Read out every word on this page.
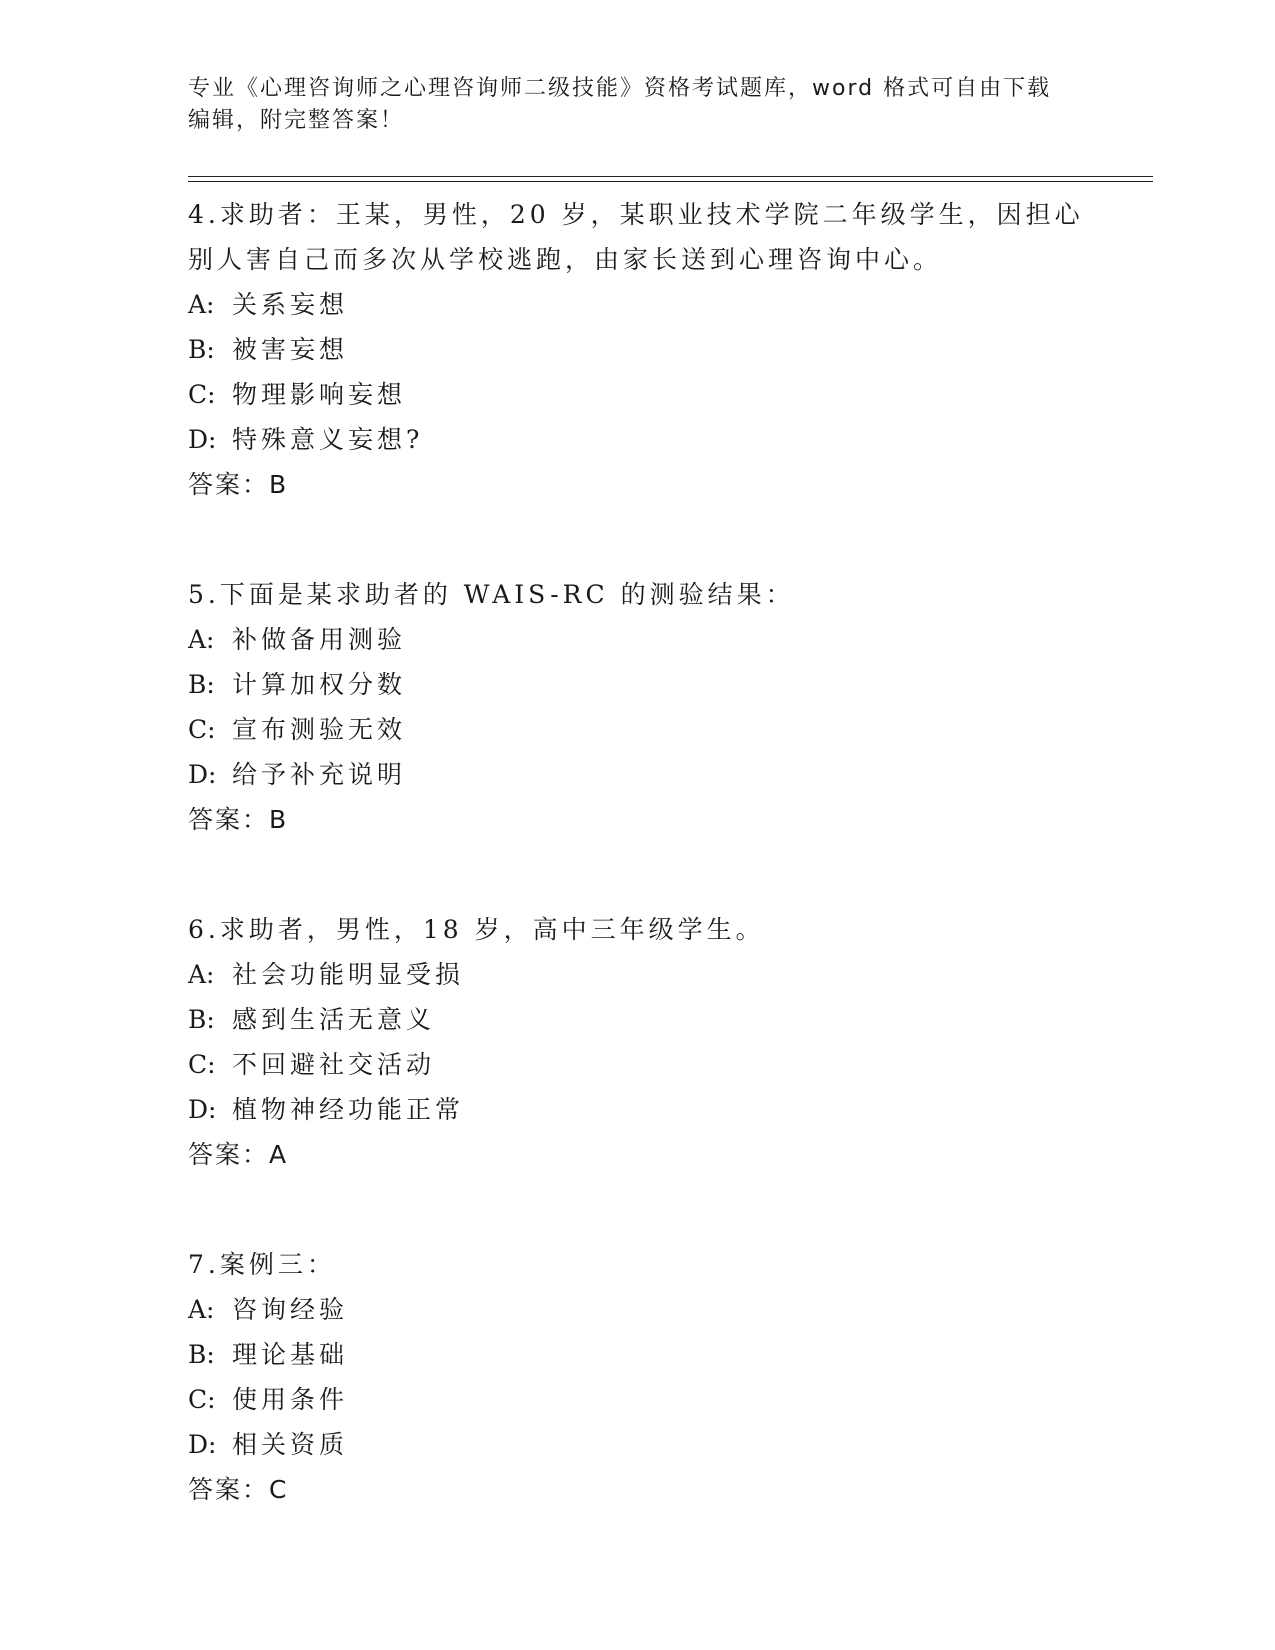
专业《心理咨询师之心理咨询师二级技能》资格考试题库，word 格式可自由下载
编辑，附完整答案！
4.求助者：王某，男性，20 岁，某职业技术学院二年级学生，因担心
别人害自己而多次从学校逃跑，由家长送到心理咨询中心。
A: 关系妄想
B: 被害妄想
C: 物理影响妄想
D: 特殊意义妄想?
答案：B
5.下面是某求助者的 WAIS-RC 的测验结果：
A: 补做备用测验
B: 计算加权分数
C: 宣布测验无效
D: 给予补充说明
答案：B
6.求助者，男性，18 岁，高中三年级学生。
A: 社会功能明显受损
B: 感到生活无意义
C: 不回避社交活动
D: 植物神经功能正常
答案：A
7.案例三：
A: 咨询经验
B: 理论基础
C: 使用条件
D: 相关资质
答案：C
